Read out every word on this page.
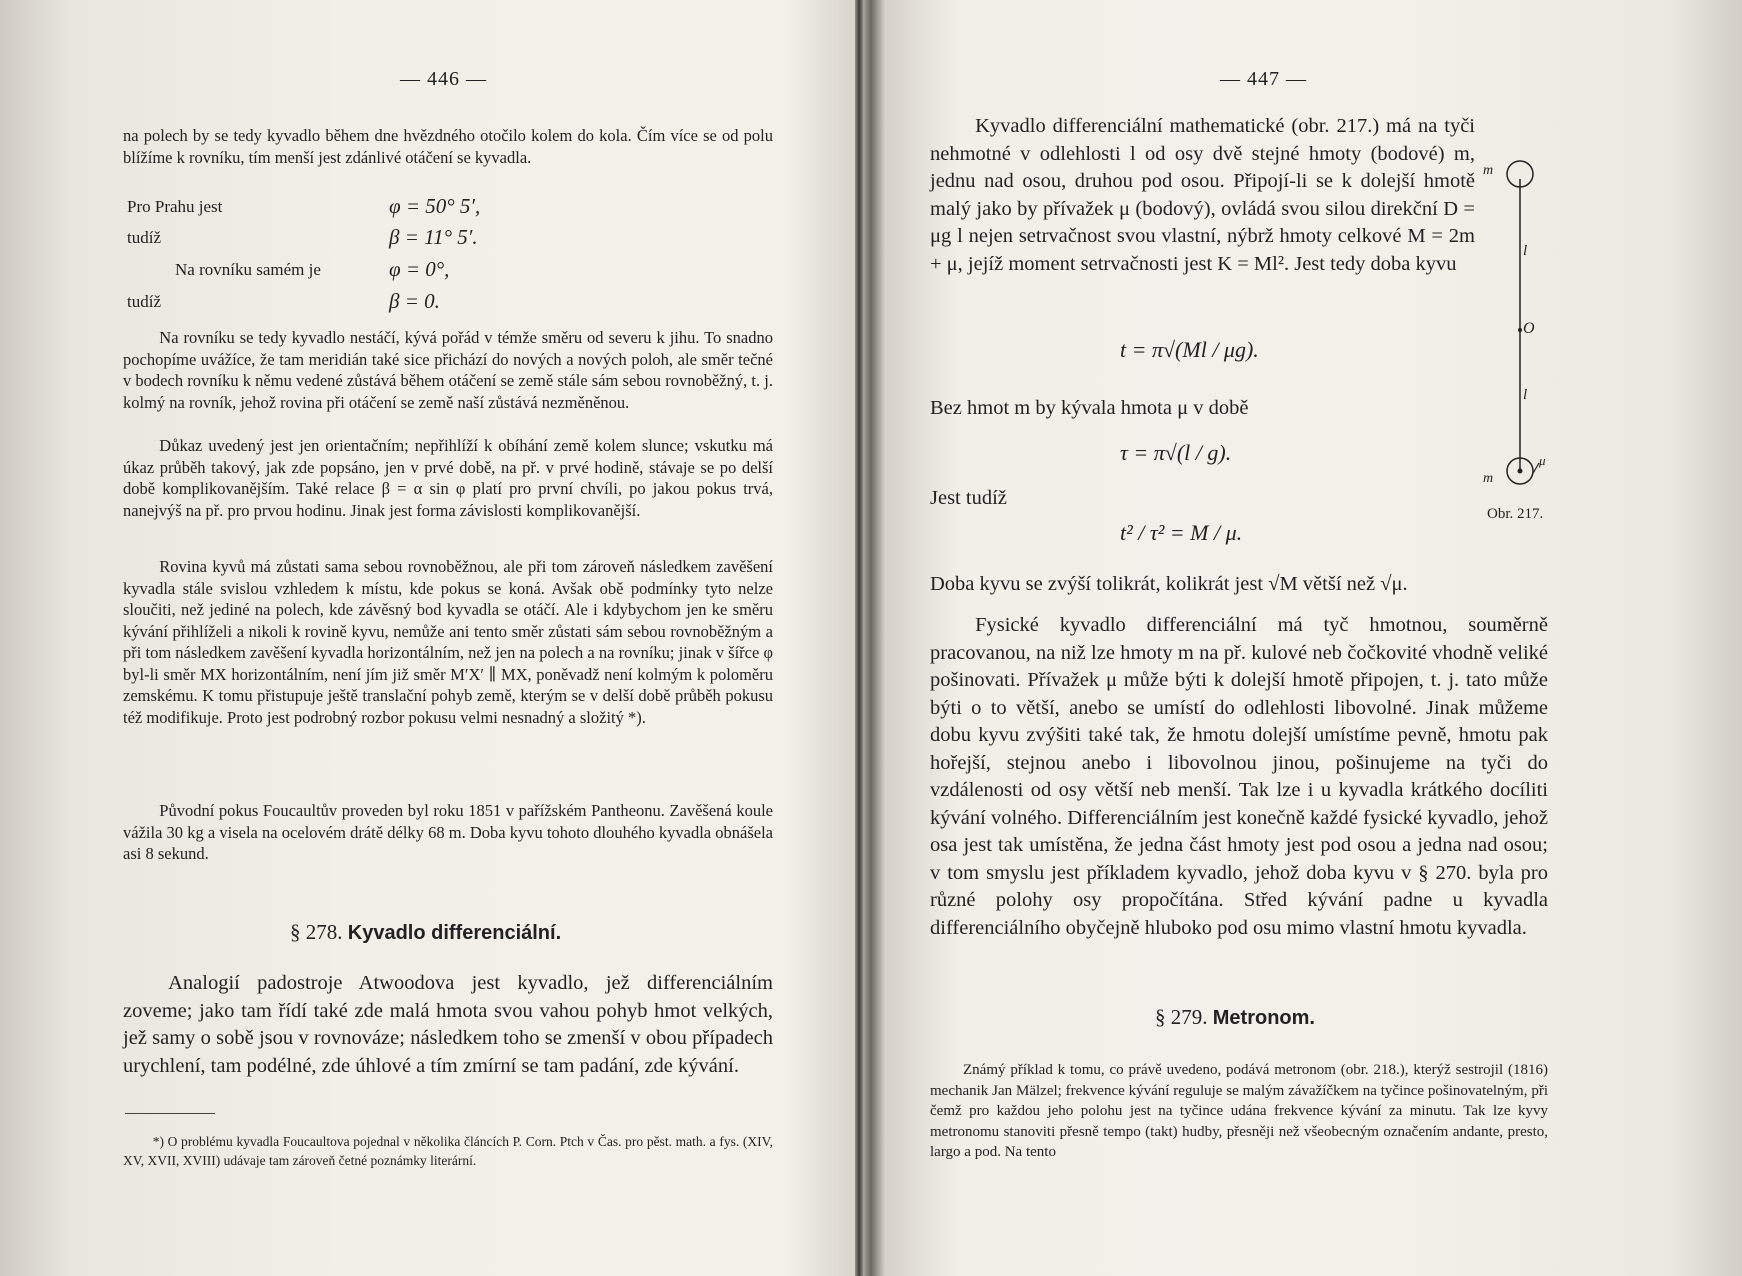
— 446 —

na polech by se tedy kyvadlo během dne hvězdného otočilo kolem do kola. Čím více se od polu blížíme k rovníku, tím menší jest zdánlivé otáčení se kyvadla.

Pro Prahu jest	φ = 50° 5′,
tudíž	β = 11° 5′.
Na rovníku samém je	φ = 0°,
tudíž	β = 0.

Na rovníku se tedy kyvadlo nestáčí, kývá pořád v témže směru od severu k jihu. To snadno pochopíme uvážíce, že tam meridián také sice přichází do nových a nových poloh, ale směr tečné v bodech rovníku k němu vedené zůstává během otáčení se země stále sám sebou rovnoběžný, t. j. kolmý na rovník, jehož rovina při otáčení se země naší zůstává nezměněnou.

Důkaz uvedený jest jen orientačním; nepřihlíží k obíhání země kolem slunce; vskutku má úkaz průběh takový, jak zde popsáno, jen v prvé době, na př. v prvé hodině, stávaje se po delší době komplikovanějším. Také relace β = α sin φ platí pro první chvíli, po jakou pokus trvá, nanejvýš na př. pro prvou hodinu. Jinak jest forma závislosti komplikovanější.

Rovina kyvů má zůstati sama sebou rovnoběžnou, ale při tom zároveň následkem zavěšení kyvadla stále svislou vzhledem k místu, kde pokus se koná. Avšak obě podmínky tyto nelze sloučiti, než jediné na polech, kde závěsný bod kyvadla se otáčí. Ale i kdybychom jen ke směru kývání přihlíželi a nikoli k rovině kyvu, nemůže ani tento směr zůstati sám sebou rovnoběžným a při tom následkem zavěšení kyvadla horizontálním, než jen na polech a na rovníku; jinak v šířce φ byl-li směr MX horizontálním, není jím již směr M′X′ ∥ MX, poněvadž není kolmým k poloměru zemskému. K tomu přistupuje ještě translační pohyb země, kterým se v delší době průběh pokusu též modifikuje. Proto jest podrobný rozbor pokusu velmi nesnadný a složitý *).

Původní pokus Foucaultův proveden byl roku 1851 v pařížském Pantheonu. Zavěšená koule vážila 30 kg a visela na ocelovém drátě délky 68 m. Doba kyvu tohoto dlouhého kyvadla obnášela asi 8 sekund.

§ 278. Kyvadlo differenciální.

Analogií padostroje Atwoodova jest kyvadlo, jež differenciálním zoveme; jako tam řídí také zde malá hmota svou vahou pohyb hmot velkých, jež samy o sobě jsou v rovnováze; následkem toho se zmenší v obou případech urychlení, tam podélné, zde úhlové a tím zmírní se tam padání, zde kývání.

*) O problému kyvadla Foucaultova pojednal v několika článcích P. Corn. Ptch v Čas. pro pěst. math. a fys. (XIV, XV, XVII, XVIII) udávaje tam zároveň četné poznámky literární.

— 447 —

Kyvadlo differenciální mathematické (obr. 217.) má na tyči nehmotné v odlehlosti l od osy dvě stejné hmoty (bodové) m, jednu nad osou, druhou pod osou. Připojí-li se k dolejší hmotě malý jako by přívažek μ (bodový), ovládá svou silou direkční D = μg l nejen setrvačnost svou vlastní, nýbrž hmoty celkové M = 2m + μ, jejíž moment setrvačnosti jest K = Ml². Jest tedy doba kyvu

t = π√(Ml / μg).

Bez hmot m by kývala hmota μ v době

τ = π√(l / g).

Jest tudíž

t² / τ² = M / μ.

Doba kyvu se zvýší tolikrát, kolikrát jest √M větší než √μ.

Fysické kyvadlo differenciální má tyč hmotnou, souměrně pracovanou, na niž lze hmoty m na př. kulové neb čočkovité vhodně veliké pošinovati. Přívažek μ může býti k dolejší hmotě připojen, t. j. tato může býti o to větší, anebo se umístí do odlehlosti libovolné. Jinak můžeme dobu kyvu zvýšiti také tak, že hmotu dolejší umístíme pevně, hmotu pak hořejší, stejnou anebo i libovolnou jinou, pošinujeme na tyči do vzdálenosti od osy větší neb menší. Tak lze i u kyvadla krátkého docíliti kývání volného. Differenciálním jest konečně každé fysické kyvadlo, jehož osa jest tak umístěna, že jedna část hmoty jest pod osou a jedna nad osou; v tom smyslu jest příkladem kyvadlo, jehož doba kyvu v § 270. byla pro různé polohy osy propočítána. Střed kývání padne u kyvadla differenciálního obyčejně hluboko pod osu mimo vlastní hmotu kyvadla.

§ 279. Metronom.

Známý příklad k tomu, co právě uvedeno, podává metronom (obr. 218.), kterýž sestrojil (1816) mechanik Jan Mälzel; frekvence kývání reguluje se malým závažíčkem na tyčince pošinovatelným, při čemž pro každou jeho polohu jest na tyčince udána frekvence kývání za minutu. Tak lze kyvy metronomu stanoviti přesně tempo (takt) hudby, přesněji než všeobecným označením andante, presto, largo a pod. Na tento

m
l
O
l
m
μ
Obr. 217.
